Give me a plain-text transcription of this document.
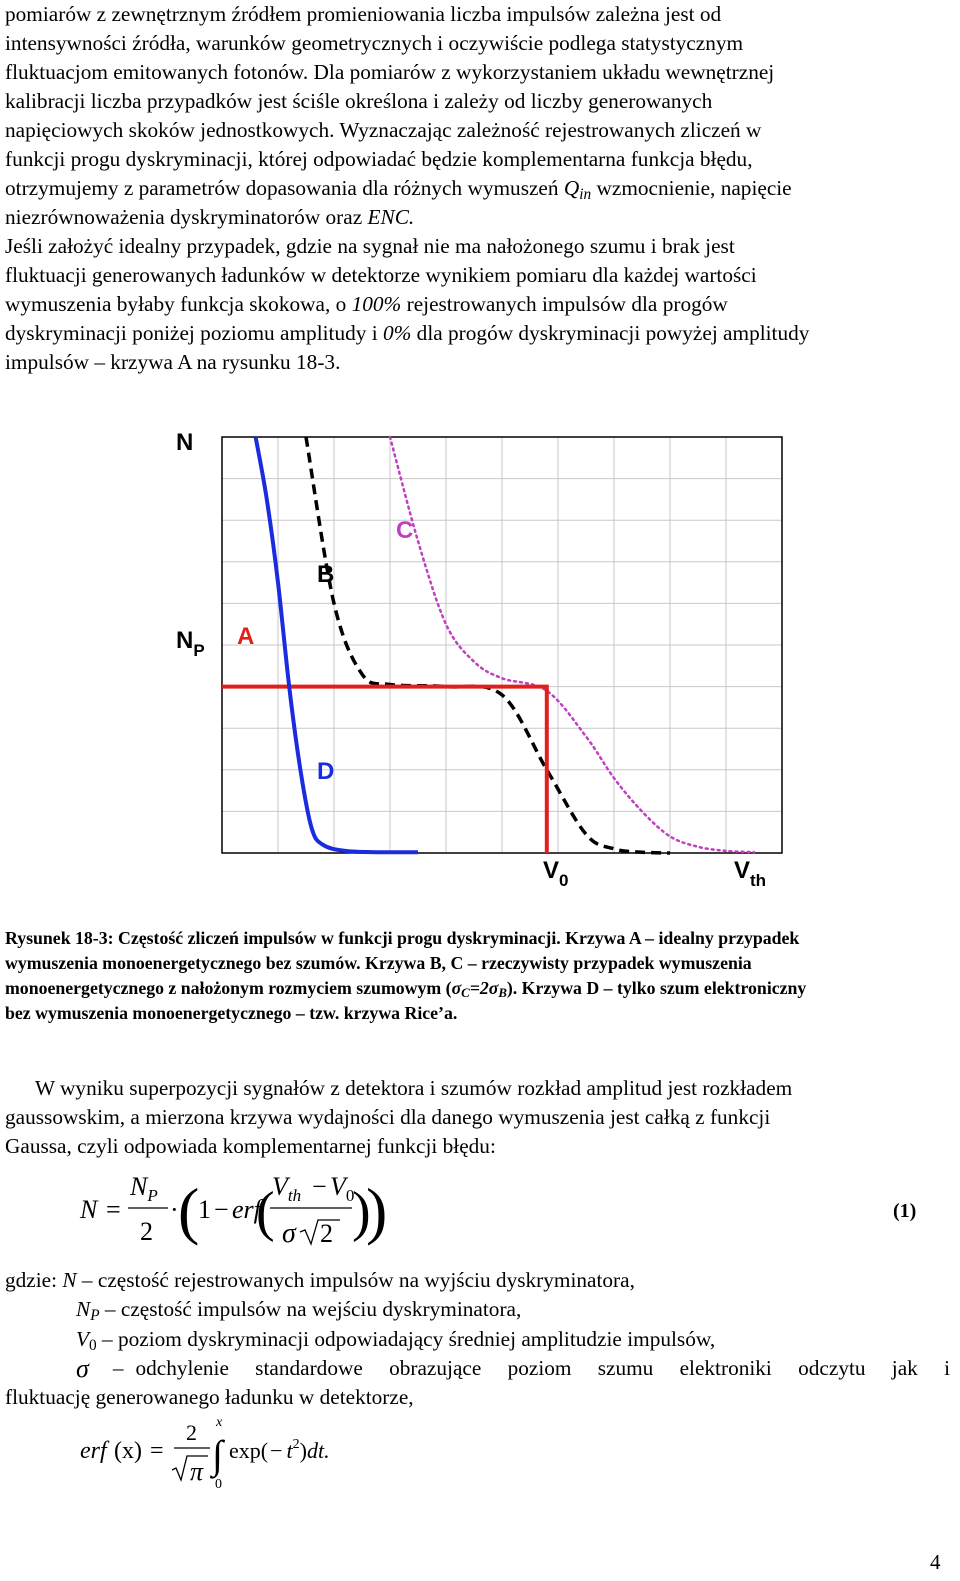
pomiarów z zewnętrznym źródłem promieniowania liczba impulsów zależna jest od
intensywności źródła, warunków geometrycznych i oczywiście podlega statystycznym
fluktuacjom emitowanych fotonów. Dla pomiarów z wykorzystaniem układu wewnętrznej
kalibracji liczba przypadków jest ściśle określona i zależy od liczby generowanych
napięciowych skoków jednostkowych. Wyznaczając zależność rejestrowanych zliczeń w
funkcji progu dyskryminacji, której odpowiadać będzie komplementarna funkcja błędu,
otrzymujemy z parametrów dopasowania dla różnych wymuszeń $Q_{in}$ wzmocnienie, napięcie
niezrównoważenia dyskryminatorów oraz ENC.
Jeśli założyć idealny przypadek, gdzie na sygnał nie ma nałożonego szumu i brak jest
fluktuacji generowanych ładunków w detektorze wynikiem pomiaru dla każdej wartości
wymuszenia byłaby funkcja skokowa, o 100% rejestrowanych impulsów dla progów
dyskryminacji poniżej poziomu amplitudy i 0% dla progów dyskryminacji powyżej amplitudy
impulsów – krzywa A na rysunku 18-3.
N
$N_P$
$V_0$	$V_{th}$
A
B
C
D
Rysunek 18-3: Częstość zliczeń impulsów w funkcji progu dyskryminacji. Krzywa A – idealny przypadek
wymuszenia monoenergetycznego bez szumów. Krzywa B, C – rzeczywisty przypadek wymuszenia
monoenergetycznego z nałożonym rozmyciem szumowym $(\sigma_C=2\sigma_B)$. Krzywa D – tylko szum elektroniczny
bez wymuszenia monoenergetycznego – tzw. krzywa Rice’a.
W wyniku superpozycji sygnałów z detektora i szumów rozkład amplitud jest rozkładem
gaussowskim, a mierzona krzywa wydajności dla danego wymuszenia jest całką z funkcji
Gaussa, czyli odpowiada komplementarnej funkcji błędu:
N =
$N_P$
2
· (
1 − erf
(
$V_{th} - V_0$
σ 2 )
)	(1)
gdzie: N – częstość rejestrowanych impulsów na wyjściu dyskryminatora,
$N_P$ – częstość impulsów na wejściu dyskryminatora,
$V_0$ – poziom dyskryminacji odpowiadający średniej amplitudzie impulsów,
σ – odchylenie standardowe obrazujące poziom szumu elektroniki odczytu jak i
fluktuację generowanego ładunku w detektorze,
erf (x) =
2
π
x
∫
0
$\exp(- t^2)dt$.
4
